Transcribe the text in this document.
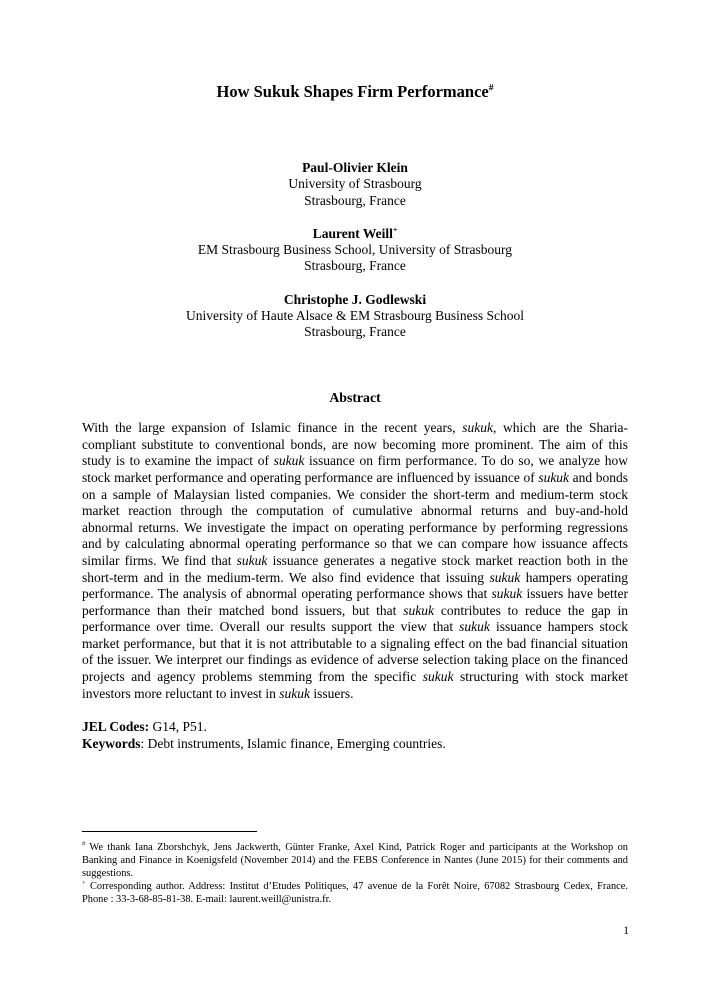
How Sukuk Shapes Firm Performance#
Paul-Olivier Klein
University of Strasbourg
Strasbourg, France
Laurent Weill+
EM Strasbourg Business School, University of Strasbourg
Strasbourg, France
Christophe J. Godlewski
University of Haute Alsace & EM Strasbourg Business School
Strasbourg, France
Abstract

With the large expansion of Islamic finance in the recent years, sukuk, which are the Sharia-compliant substitute to conventional bonds, are now becoming more prominent. The aim of this study is to examine the impact of sukuk issuance on firm performance. To do so, we analyze how stock market performance and operating performance are influenced by issuance of sukuk and bonds on a sample of Malaysian listed companies. We consider the short-term and medium-term stock market reaction through the computation of cumulative abnormal returns and buy-and-hold abnormal returns. We investigate the impact on operating performance by performing regressions and by calculating abnormal operating performance so that we can compare how issuance affects similar firms. We find that sukuk issuance generates a negative stock market reaction both in the short-term and in the medium-term. We also find evidence that issuing sukuk hampers operating performance. The analysis of abnormal operating performance shows that sukuk issuers have better performance than their matched bond issuers, but that sukuk contributes to reduce the gap in performance over time. Overall our results support the view that sukuk issuance hampers stock market performance, but that it is not attributable to a signaling effect on the bad financial situation of the issuer. We interpret our findings as evidence of adverse selection taking place on the financed projects and agency problems stemming from the specific sukuk structuring with stock market investors more reluctant to invest in sukuk issuers.

JEL Codes: G14, P51.
Keywords: Debt instruments, Islamic finance, Emerging countries.

# We thank Iana Zborshchyk, Jens Jackwerth, Günter Franke, Axel Kind, Patrick Roger and participants at the Workshop on Banking and Finance in Koenigsfeld (November 2014) and the FEBS Conference in Nantes (June 2015) for their comments and suggestions.

+ Corresponding author. Address: Institut d’Etudes Politiques, 47 avenue de la Forêt Noire, 67082 Strasbourg Cedex, France. Phone : 33-3-68-85-81-38. E-mail: laurent.weill@unistra.fr.

1
